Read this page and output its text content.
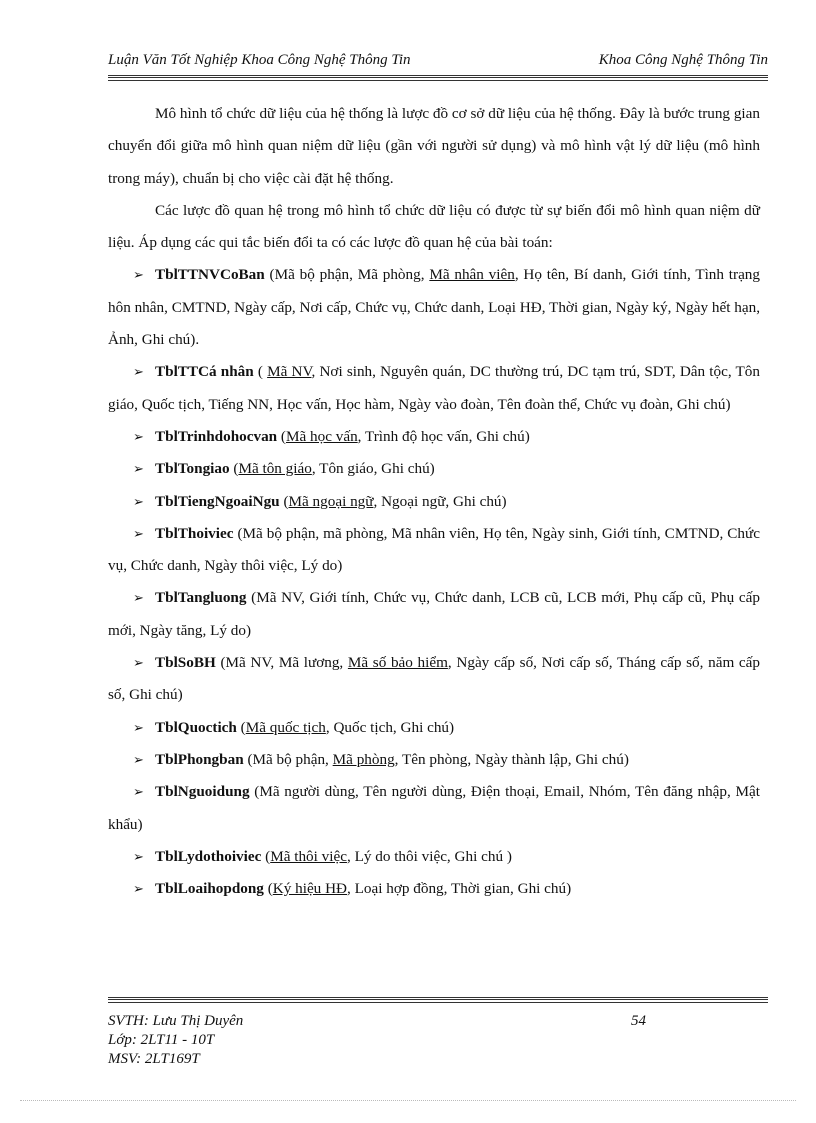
Luận Văn Tốt Nghiệp Khoa Công Nghệ Thông Tin	Khoa Công Nghệ Thông Tin

Mô hình tổ chức dữ liệu của hệ thống là lược đồ cơ sở dữ liệu của hệ thống. Đây là bước trung gian chuyển đổi giữa mô hình quan niệm dữ liệu (gần với người sử dụng) và mô hình vật lý dữ liệu (mô hình trong máy), chuẩn bị cho việc cài đặt hệ thống.

Các lược đồ quan hệ trong mô hình tổ chức dữ liệu có được từ sự biến đổi mô hình quan niệm dữ liệu. Áp dụng các qui tắc biến đổi ta có các lược đồ quan hệ của bài toán:

➢ TblTTNVCoBan (Mã bộ phận, Mã phòng, Mã nhân viên, Họ tên, Bí danh, Giới tính, Tình trạng hôn nhân, CMTND, Ngày cấp, Nơi cấp, Chức vụ, Chức danh, Loại HĐ, Thời gian, Ngày ký, Ngày hết hạn, Ảnh, Ghi chú).

➢ TblTTCá nhân ( Mã NV, Nơi sinh, Nguyên quán, DC thường trú, DC tạm trú, SDT, Dân tộc, Tôn giáo, Quốc tịch, Tiếng NN, Học vấn, Học hàm, Ngày vào đoàn, Tên đoàn thể, Chức vụ đoàn, Ghi chú)

➢ TblTrinhdohocvan (Mã học vấn, Trình độ học vấn, Ghi chú)

➢ TblTongiao (Mã tôn giáo, Tôn giáo, Ghi chú)

➢ TblTiengNgoaiNgu (Mã ngoại ngữ, Ngoại ngữ, Ghi chú)

➢ TblThoiviec (Mã bộ phận, mã phòng, Mã nhân viên, Họ tên, Ngày sinh, Giới tính, CMTND, Chức vụ, Chức danh, Ngày thôi việc, Lý do)

➢ TblTangluong (Mã NV, Giới tính, Chức vụ, Chức danh, LCB cũ, LCB mới, Phụ cấp cũ, Phụ cấp mới, Ngày tăng, Lý do)

➢ TblSoBH (Mã NV, Mã lương, Mã số bảo hiểm, Ngày cấp số, Nơi cấp số, Tháng cấp số, năm cấp số, Ghi chú)

➢ TblQuoctich (Mã quốc tịch, Quốc tịch, Ghi chú)

➢ TblPhongban (Mã bộ phận, Mã phòng, Tên phòng, Ngày thành lập, Ghi chú)

➢ TblNguoidung (Mã người dùng, Tên người dùng, Điện thoại, Email, Nhóm, Tên đăng nhập, Mật khẩu)

➢ TblLydothoiviec (Mã thôi việc, Lý do thôi việc, Ghi chú )

➢ TblLoaihopdong (Ký hiệu HĐ, Loại hợp đồng, Thời gian, Ghi chú)

SVTH: Lưu Thị Duyên
Lớp: 2LT11 - 10T
MSV: 2LT169T
54
